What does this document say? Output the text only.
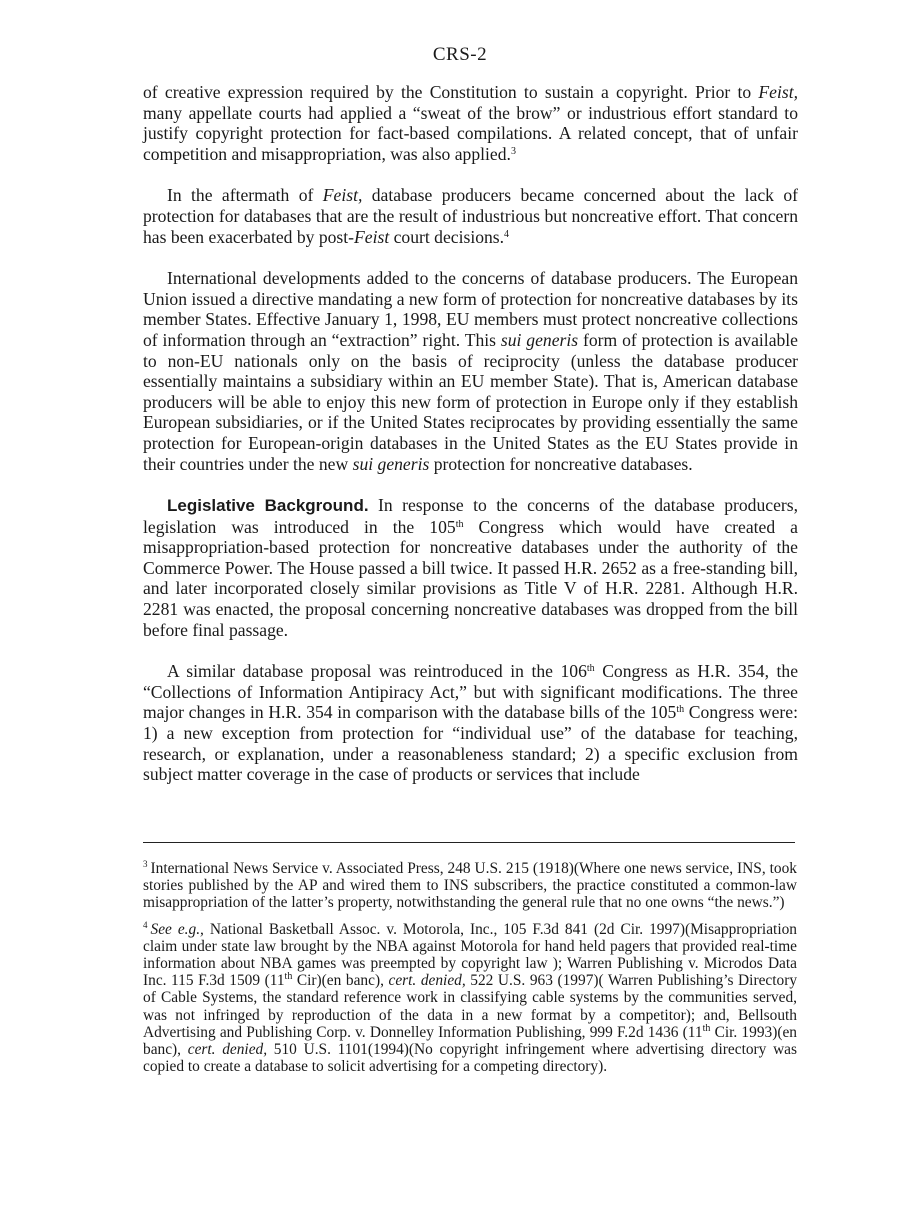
CRS-2

of creative expression required by the Constitution to sustain a copyright. Prior to Feist, many appellate courts had applied a “sweat of the brow” or industrious effort standard to justify copyright protection for fact-based compilations. A related concept, that of unfair competition and misappropriation, was also applied.$^3$

In the aftermath of Feist, database producers became concerned about the lack of protection for databases that are the result of industrious but noncreative effort. That concern has been exacerbated by post-Feist court decisions.$^4$

International developments added to the concerns of database producers. The European Union issued a directive mandating a new form of protection for noncreative databases by its member States. Effective January 1, 1998, EU members must protect noncreative collections of information through an “extraction” right. This sui generis form of protection is available to non-EU nationals only on the basis of reciprocity (unless the database producer essentially maintains a subsidiary within an EU member State). That is, American database producers will be able to enjoy this new form of protection in Europe only if they establish European subsidiaries, or if the United States reciprocates by providing essentially the same protection for European-origin databases in the United States as the EU States provide in their countries under the new sui generis protection for noncreative databases.

Legislative Background. In response to the concerns of the database producers, legislation was introduced in the 105th Congress which would have created a misappropriation-based protection for noncreative databases under the authority of the Commerce Power. The House passed a bill twice. It passed H.R. 2652 as a free-standing bill, and later incorporated closely similar provisions as Title V of H.R. 2281. Although H.R. 2281 was enacted, the proposal concerning noncreative databases was dropped from the bill before final passage.

A similar database proposal was reintroduced in the 106th Congress as H.R. 354, the “Collections of Information Antipiracy Act,” but with significant modifications. The three major changes in H.R. 354 in comparison with the database bills of the 105th Congress were: 1) a new exception from protection for “individual use” of the database for teaching, research, or explanation, under a reasonableness standard; 2) a specific exclusion from subject matter coverage in the case of products or services that include

$^3$ International News Service v. Associated Press, 248 U.S. 215 (1918)(Where one news service, INS, took stories published by the AP and wired them to INS subscribers, the practice constituted a common-law misappropriation of the latter’s property, notwithstanding the general rule that no one owns “the news.”)

$^4$ See e.g., National Basketball Assoc. v. Motorola, Inc., 105 F.3d 841 (2d Cir. 1997)(Misappropriation claim under state law brought by the NBA against Motorola for hand held pagers that provided real-time information about NBA games was preempted by copyright law ); Warren Publishing v. Microdos Data Inc. 115 F.3d 1509 (11th Cir)(en banc), cert. denied, 522 U.S. 963 (1997)( Warren Publishing’s Directory of Cable Systems, the standard reference work in classifying cable systems by the communities served, was not infringed by reproduction of the data in a new format by a competitor); and, Bellsouth Advertising and Publishing Corp. v. Donnelley Information Publishing, 999 F.2d 1436 (11th Cir. 1993)(en banc), cert. denied, 510 U.S. 1101(1994)(No copyright infringement where advertising directory was copied to create a database to solicit advertising for a competing directory).
